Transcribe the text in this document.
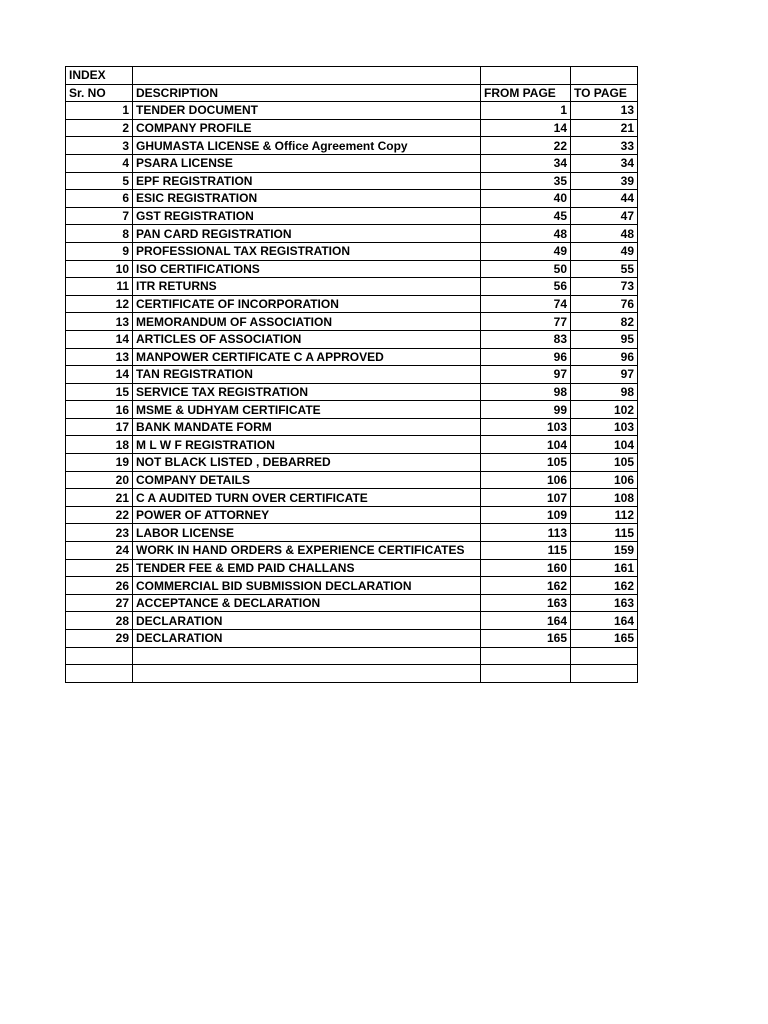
INDEX			
Sr. NO	DESCRIPTION	FROM PAGE	TO PAGE
1	TENDER DOCUMENT	1	13
2	COMPANY PROFILE	14	21
3	GHUMASTA LICENSE & Office Agreement Copy	22	33
4	PSARA LICENSE	34	34
5	EPF REGISTRATION	35	39
6	ESIC REGISTRATION	40	44
7	GST REGISTRATION	45	47
8	PAN CARD REGISTRATION	48	48
9	PROFESSIONAL TAX REGISTRATION	49	49
10	ISO CERTIFICATIONS	50	55
11	ITR RETURNS	56	73
12	CERTIFICATE OF INCORPORATION	74	76
13	MEMORANDUM OF ASSOCIATION	77	82
14	ARTICLES OF ASSOCIATION	83	95
13	MANPOWER CERTIFICATE C A APPROVED	96	96
14	TAN REGISTRATION	97	97
15	SERVICE TAX REGISTRATION	98	98
16	MSME & UDHYAM CERTIFICATE	99	102
17	BANK MANDATE FORM	103	103
18	M L W F REGISTRATION	104	104
19	NOT BLACK LISTED , DEBARRED	105	105
20	COMPANY DETAILS	106	106
21	C A AUDITED TURN OVER CERTIFICATE	107	108
22	POWER OF ATTORNEY	109	112
23	LABOR LICENSE	113	115
24	WORK IN HAND ORDERS & EXPERIENCE CERTIFICATES	115	159
25	TENDER FEE & EMD PAID CHALLANS	160	161
26	COMMERCIAL BID SUBMISSION DECLARATION	162	162
27	ACCEPTANCE & DECLARATION	163	163
28	DECLARATION	164	164
29	DECLARATION	165	165
